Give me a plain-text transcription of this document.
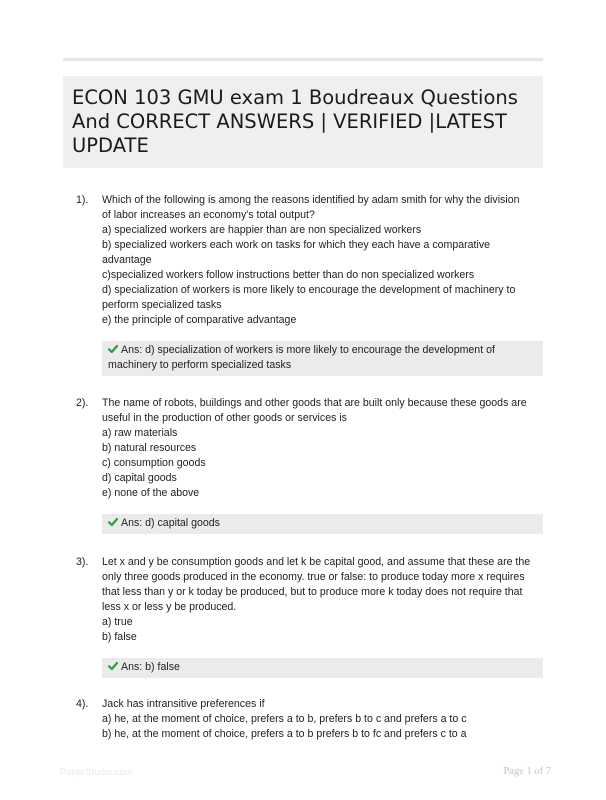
ECON 103 GMU exam 1 Boudreaux Questions
And CORRECT ANSWERS | VERIFIED |LATEST
UPDATE
1). Which of the following is among the reasons identified by adam smith for why the division
of labor increases an economy's total output?
a) specialized workers are happier than are non specialized workers
b) specialized workers each work on tasks for which they each have a comparative
advantage
c)specialized workers follow instructions better than do non specialized workers
d) specialization of workers is more likely to encourage the development of machinery to
perform specialized tasks
e) the principle of comparative advantage
Ans: d) specialization of workers is more likely to encourage the development of
machinery to perform specialized tasks
2). The name of robots, buildings and other goods that are built only because these goods are
useful in the production of other goods or services is
a) raw materials
b) natural resources
c) consumption goods
d) capital goods
e) none of the above
Ans: d) capital goods
3). Let x and y be consumption goods and let k be capital good, and assume that these are the
only three goods produced in the economy. true or false: to produce today more x requires
that less than y or k today be produced, but to produce more k today does not require that
less x or less y be produced.
a) true
b) false
Ans: b) false
4). Jack has intransitive preferences if
a) he, at the moment of choice, prefers a to b, prefers b to c and prefers a to c
b) he, at the moment of choice, prefers a to b prefers b to fc and prefers c to a
PaperStudio.com	Page 1 of 7
